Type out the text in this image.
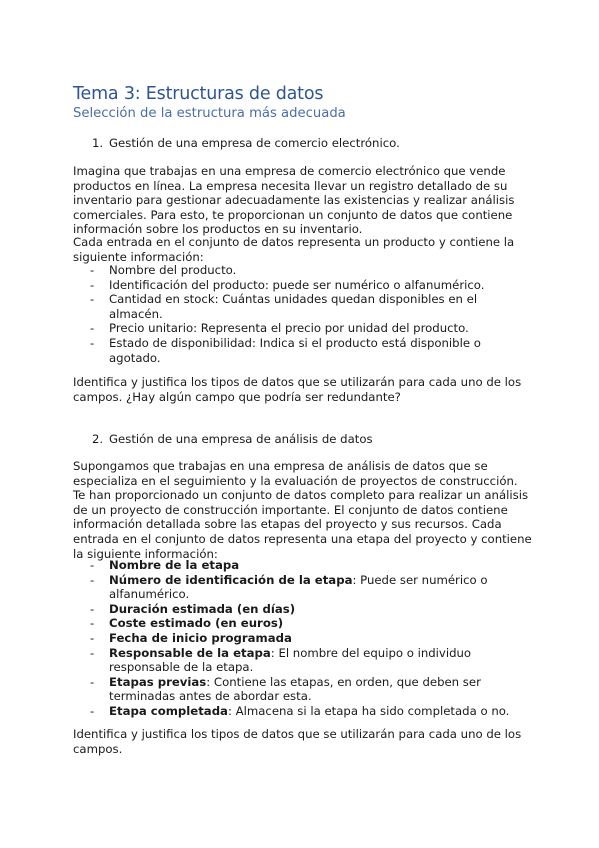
Tema 3: Estructuras de datos
Selección de la estructura más adecuada
1. Gestión de una empresa de comercio electrónico.
Imagina que trabajas en una empresa de comercio electrónico que vende productos en línea. La empresa necesita llevar un registro detallado de su inventario para gestionar adecuadamente las existencias y realizar análisis comerciales. Para esto, te proporcionan un conjunto de datos que contiene información sobre los productos en su inventario.
Cada entrada en el conjunto de datos representa un producto y contiene la siguiente información:
- Nombre del producto.
- Identificación del producto: puede ser numérico o alfanumérico.
- Cantidad en stock: Cuántas unidades quedan disponibles en el almacén.
- Precio unitario: Representa el precio por unidad del producto.
- Estado de disponibilidad: Indica si el producto está disponible o agotado.
Identifica y justifica los tipos de datos que se utilizarán para cada uno de los campos. ¿Hay algún campo que podría ser redundante?
2. Gestión de una empresa de análisis de datos
Supongamos que trabajas en una empresa de análisis de datos que se especializa en el seguimiento y la evaluación de proyectos de construcción. Te han proporcionado un conjunto de datos completo para realizar un análisis de un proyecto de construcción importante. El conjunto de datos contiene información detallada sobre las etapas del proyecto y sus recursos. Cada entrada en el conjunto de datos representa una etapa del proyecto y contiene la siguiente información:
- Nombre de la etapa
- Número de identificación de la etapa: Puede ser numérico o alfanumérico.
- Duración estimada (en días)
- Coste estimado (en euros)
- Fecha de inicio programada
- Responsable de la etapa: El nombre del equipo o individuo responsable de la etapa.
- Etapas previas: Contiene las etapas, en orden, que deben ser terminadas antes de abordar esta.
- Etapa completada: Almacena si la etapa ha sido completada o no.
Identifica y justifica los tipos de datos que se utilizarán para cada uno de los campos.
